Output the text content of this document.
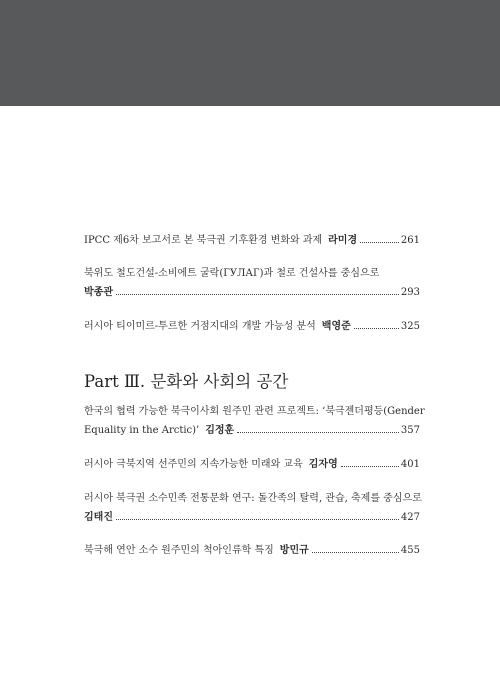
IPCC 제6차 보고서로 본 북극권 기후환경 변화와 과제 라미경	261
북위도 철도건설-소비에트 굴락(ГУЛАГ)과 철로 건설사를 중심으로
박종관	293
러시아 티이미르-투르한 거점지대의 개발 가능성 분석 백영준	325
한국의 협력 가능한 북극이사회 원주민 관련 프로젝트: ‘북극젠더평등(Gender
Equality in the Arctic)’ 김정훈	357
러시아 극북지역 선주민의 지속가능한 미래와 교육 김자영	401
러시아 북극권 소수민족 전통문화 연구: 돌간족의 탈력, 관습, 축제를 중심으로
김태진	427
북극해 연안 소수 원주민의 척아인류학 특징 방민규	455
Part Ⅲ. 문화와 사회의 공간
